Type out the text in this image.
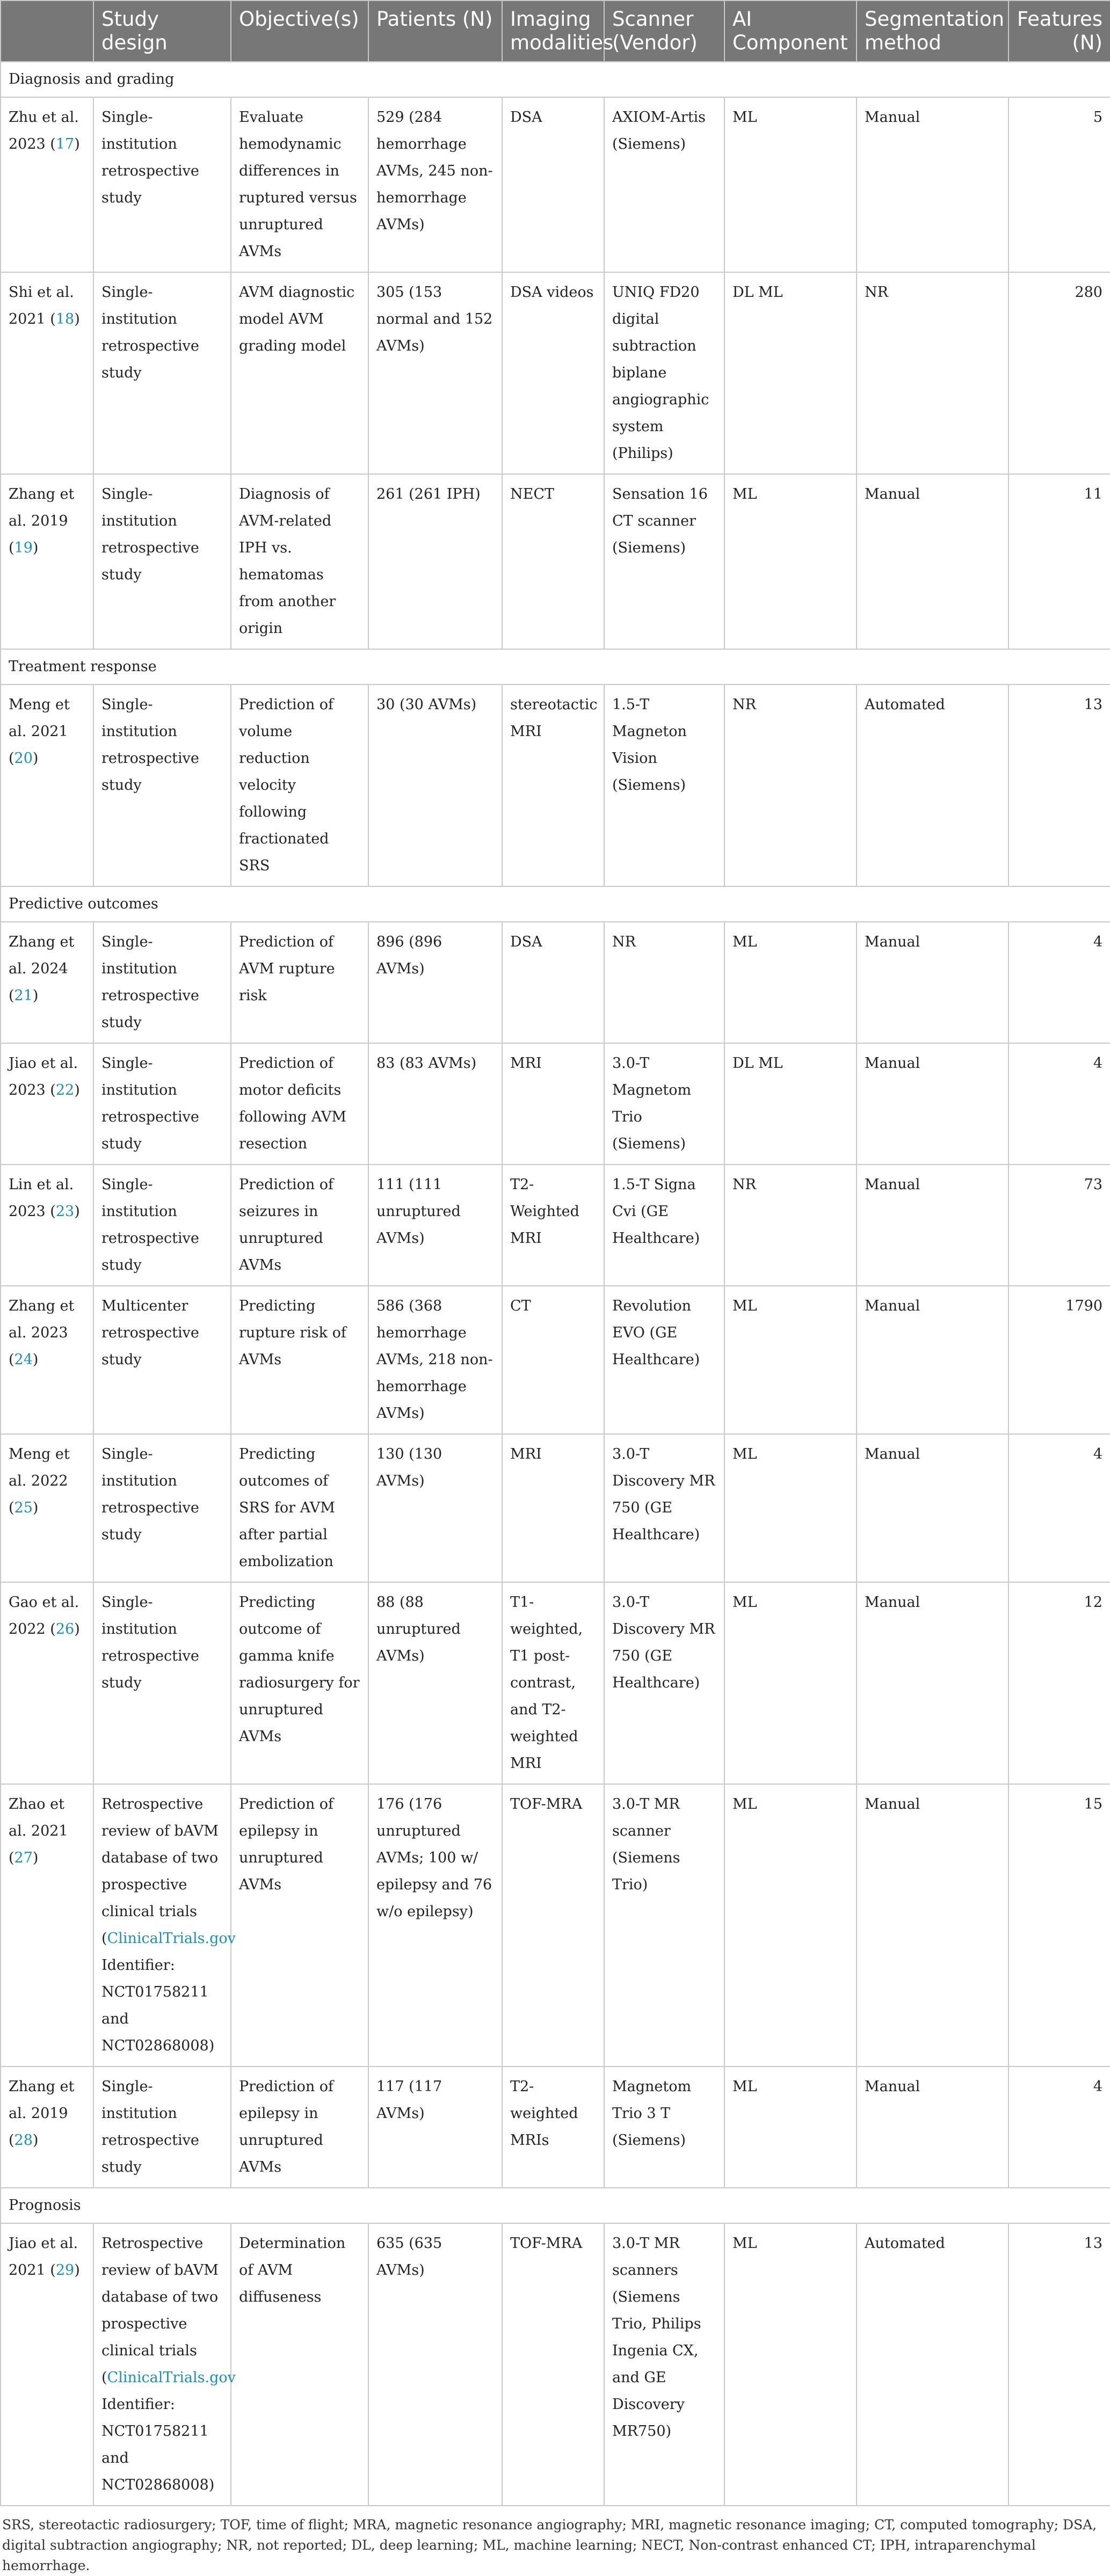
	Study design	Objective(s)	Patients (N)	Imaging modalities	Scanner (Vendor)	AI Component	Segmentation method	Features (N)
Diagnosis and grading								
Zhu et al. 2023 (17)	Single-institution retrospective study	Evaluate hemodynamic differences in ruptured versus unruptured AVMs	529 (284 hemorrhage AVMs, 245 non-hemorrhage AVMs)	DSA	AXIOM-Artis (Siemens)	ML	Manual	5
Shi et al. 2021 (18)	Single-institution retrospective study	AVM diagnostic model AVM grading model	305 (153 normal and 152 AVMs)	DSA videos	UNIQ FD20 digital subtraction biplane angiographic system (Philips)	DL ML	NR	280
Zhang et al. 2019 (19)	Single-institution retrospective study	Diagnosis of AVM-related IPH vs. hematomas from another origin	261 (261 IPH)	NECT	Sensation 16 CT scanner (Siemens)	ML	Manual	11
Treatment response								
Meng et al. 2021 (20)	Single-institution retrospective study	Prediction of volume reduction velocity following fractionated SRS	30 (30 AVMs)	stereotactic MRI	1.5-T Magneton Vision (Siemens)	NR	Automated	13
Predictive outcomes								
Zhang et al. 2024 (21)	Single-institution retrospective study	Prediction of AVM rupture risk	896 (896 AVMs)	DSA	NR	ML	Manual	4
Jiao et al. 2023 (22)	Single-institution retrospective study	Prediction of motor deficits following AVM resection	83 (83 AVMs)	MRI	3.0-T Magnetom Trio (Siemens)	DL ML	Manual	4
Lin et al. 2023 (23)	Single-institution retrospective study	Prediction of seizures in unruptured AVMs	111 (111 unruptured AVMs)	T2-Weighted MRI	1.5-T Signa Cvi (GE Healthcare)	NR	Manual	73
Zhang et al. 2023 (24)	Multicenter retrospective study	Predicting rupture risk of AVMs	586 (368 hemorrhage AVMs, 218 non-hemorrhage AVMs)	CT	Revolution EVO (GE Healthcare)	ML	Manual	1790
Meng et al. 2022 (25)	Single-institution retrospective study	Predicting outcomes of SRS for AVM after partial embolization	130 (130 AVMs)	MRI	3.0-T Discovery MR 750 (GE Healthcare)	ML	Manual	4
Gao et al. 2022 (26)	Single-institution retrospective study	Predicting outcome of gamma knife radiosurgery for unruptured AVMs	88 (88 unruptured AVMs)	T1-weighted, T1 post-contrast, and T2-weighted MRI	3.0-T Discovery MR 750 (GE Healthcare)	ML	Manual	12
Zhao et al. 2021 (27)	Retrospective review of bAVM database of two prospective clinical trials (ClinicalTrials.gov Identifier: NCT01758211 and NCT02868008)	Prediction of epilepsy in unruptured AVMs	176 (176 unruptured AVMs; 100 w/ epilepsy and 76 w/o epilepsy)	TOF-MRA	3.0-T MR scanner (Siemens Trio)	ML	Manual	15
Zhang et al. 2019 (28)	Single-institution retrospective study	Prediction of epilepsy in unruptured AVMs	117 (117 AVMs)	T2-weighted MRIs	Magnetom Trio 3 T (Siemens)	ML	Manual	4
Prognosis								
Jiao et al. 2021 (29)	Retrospective review of bAVM database of two prospective clinical trials (ClinicalTrials.gov Identifier: NCT01758211 and NCT02868008)	Determination of AVM diffuseness	635 (635 AVMs)	TOF-MRA	3.0-T MR scanners (Siemens Trio, Philips Ingenia CX, and GE Discovery MR750)	ML	Automated	13
SRS, stereotactic radiosurgery; TOF, time of flight; MRA, magnetic resonance angiography; MRI, magnetic resonance imaging; CT, computed tomography; DSA, digital subtraction angiography; NR, not reported; DL, deep learning; ML, machine learning; NECT, Non-contrast enhanced CT; IPH, intraparenchymal hemorrhage.
